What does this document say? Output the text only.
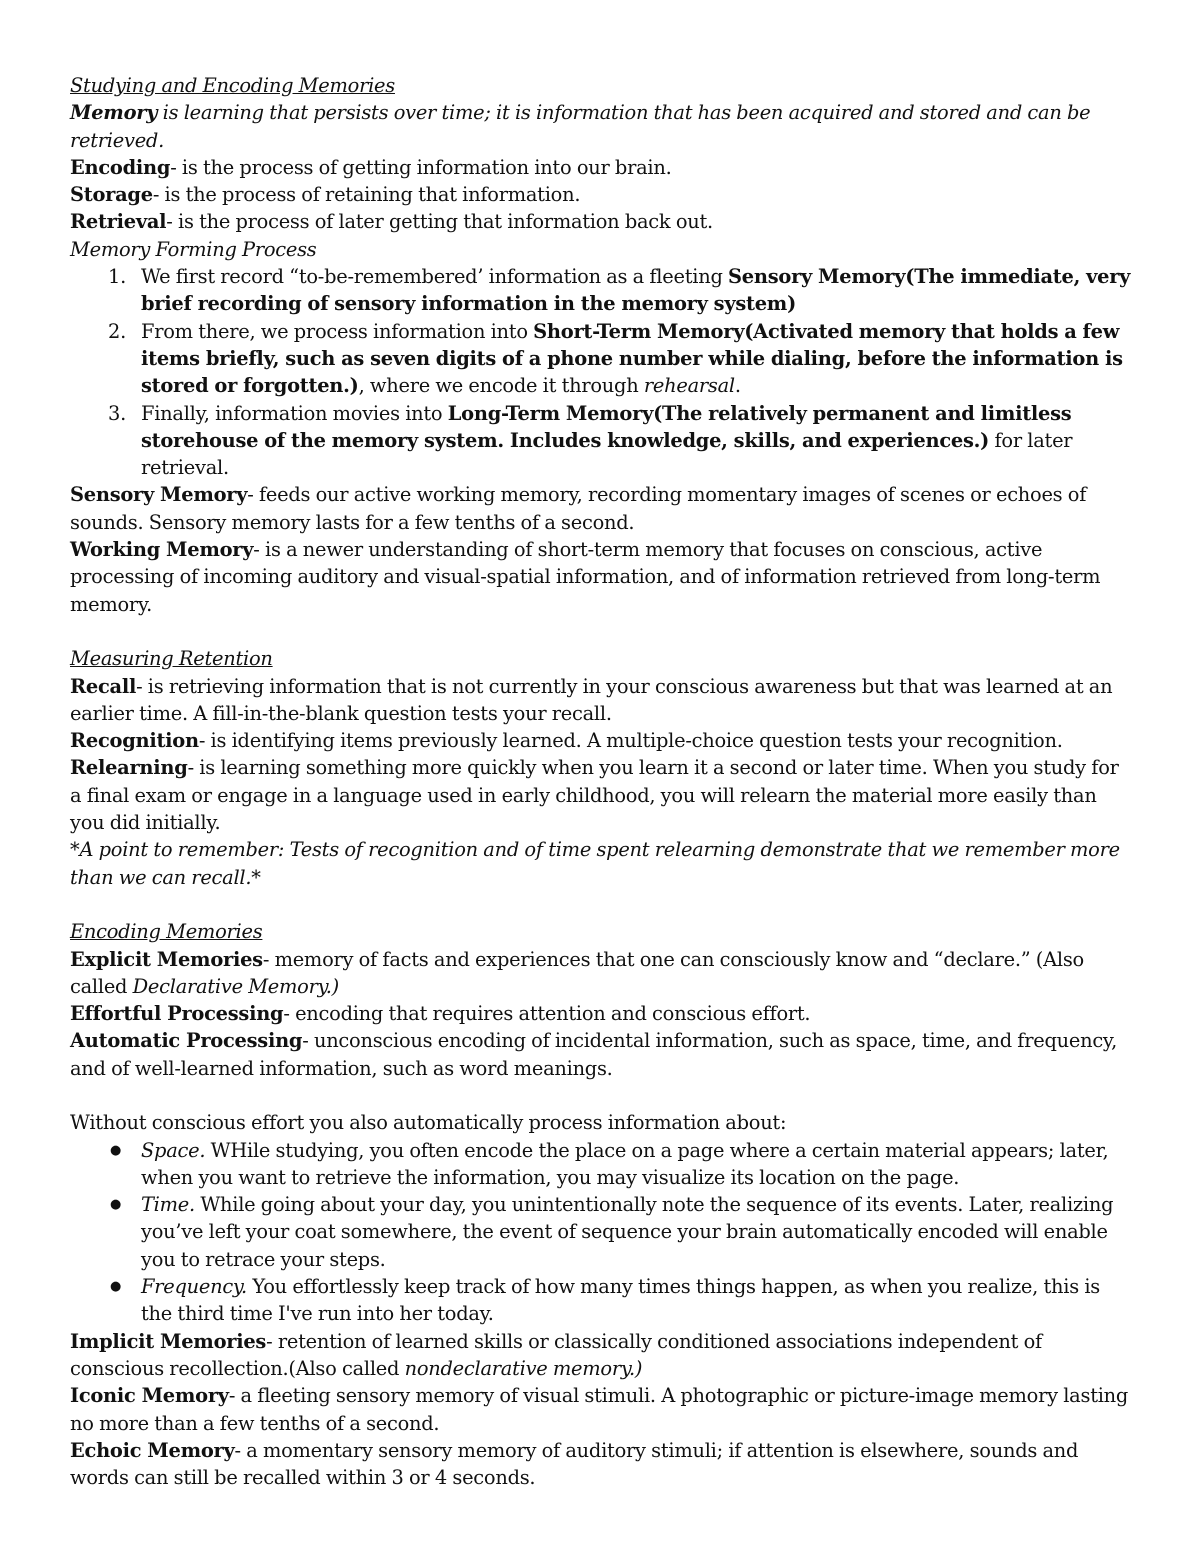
Studying and Encoding Memories

Memory is learning that persists over time; it is information that has been acquired and stored and can be retrieved.

Encoding- is the process of getting information into our brain.

Storage- is the process of retaining that information.

Retrieval- is the process of later getting that information back out.

Memory Forming Process

1. We first record “to-be-remembered’ information as a fleeting Sensory Memory(The immediate, very brief recording of sensory information in the memory system)
2. From there, we process information into Short-Term Memory(Activated memory that holds a few items briefly, such as seven digits of a phone number while dialing, before the information is stored or forgotten.), where we encode it through rehearsal.
3. Finally, information movies into Long-Term Memory(The relatively permanent and limitless storehouse of the memory system. Includes knowledge, skills, and experiences.) for later retrieval.

Sensory Memory- feeds our active working memory, recording momentary images of scenes or echoes of sounds. Sensory memory lasts for a few tenths of a second.

Working Memory- is a newer understanding of short-term memory that focuses on conscious, active processing of incoming auditory and visual-spatial information, and of information retrieved from long-term memory.

Measuring Retention

Recall- is retrieving information that is not currently in your conscious awareness but that was learned at an earlier time. A fill-in-the-blank question tests your recall.

Recognition- is identifying items previously learned. A multiple-choice question tests your recognition.

Relearning- is learning something more quickly when you learn it a second or later time. When you study for a final exam or engage in a language used in early childhood, you will relearn the material more easily than you did initially.

*A point to remember: Tests of recognition and of time spent relearning demonstrate that we remember more than we can recall.*

Encoding Memories

Explicit Memories- memory of facts and experiences that one can consciously know and “declare.” (Also called Declarative Memory.)

Effortful Processing- encoding that requires attention and conscious effort.

Automatic Processing- unconscious encoding of incidental information, such as space, time, and frequency, and of well-learned information, such as word meanings.

Without conscious effort you also automatically process information about:

● Space. WHile studying, you often encode the place on a page where a certain material appears; later, when you want to retrieve the information, you may visualize its location on the page.
● Time. While going about your day, you unintentionally note the sequence of its events. Later, realizing you’ve left your coat somewhere, the event of sequence your brain automatically encoded will enable you to retrace your steps.
● Frequency. You effortlessly keep track of how many times things happen, as when you realize, this is the third time I've run into her today.

Implicit Memories- retention of learned skills or classically conditioned associations independent of conscious recollection.(Also called nondeclarative memory.)

Iconic Memory- a fleeting sensory memory of visual stimuli. A photographic or picture-image memory lasting no more than a few tenths of a second.

Echoic Memory- a momentary sensory memory of auditory stimuli; if attention is elsewhere, sounds and words can still be recalled within 3 or 4 seconds.
